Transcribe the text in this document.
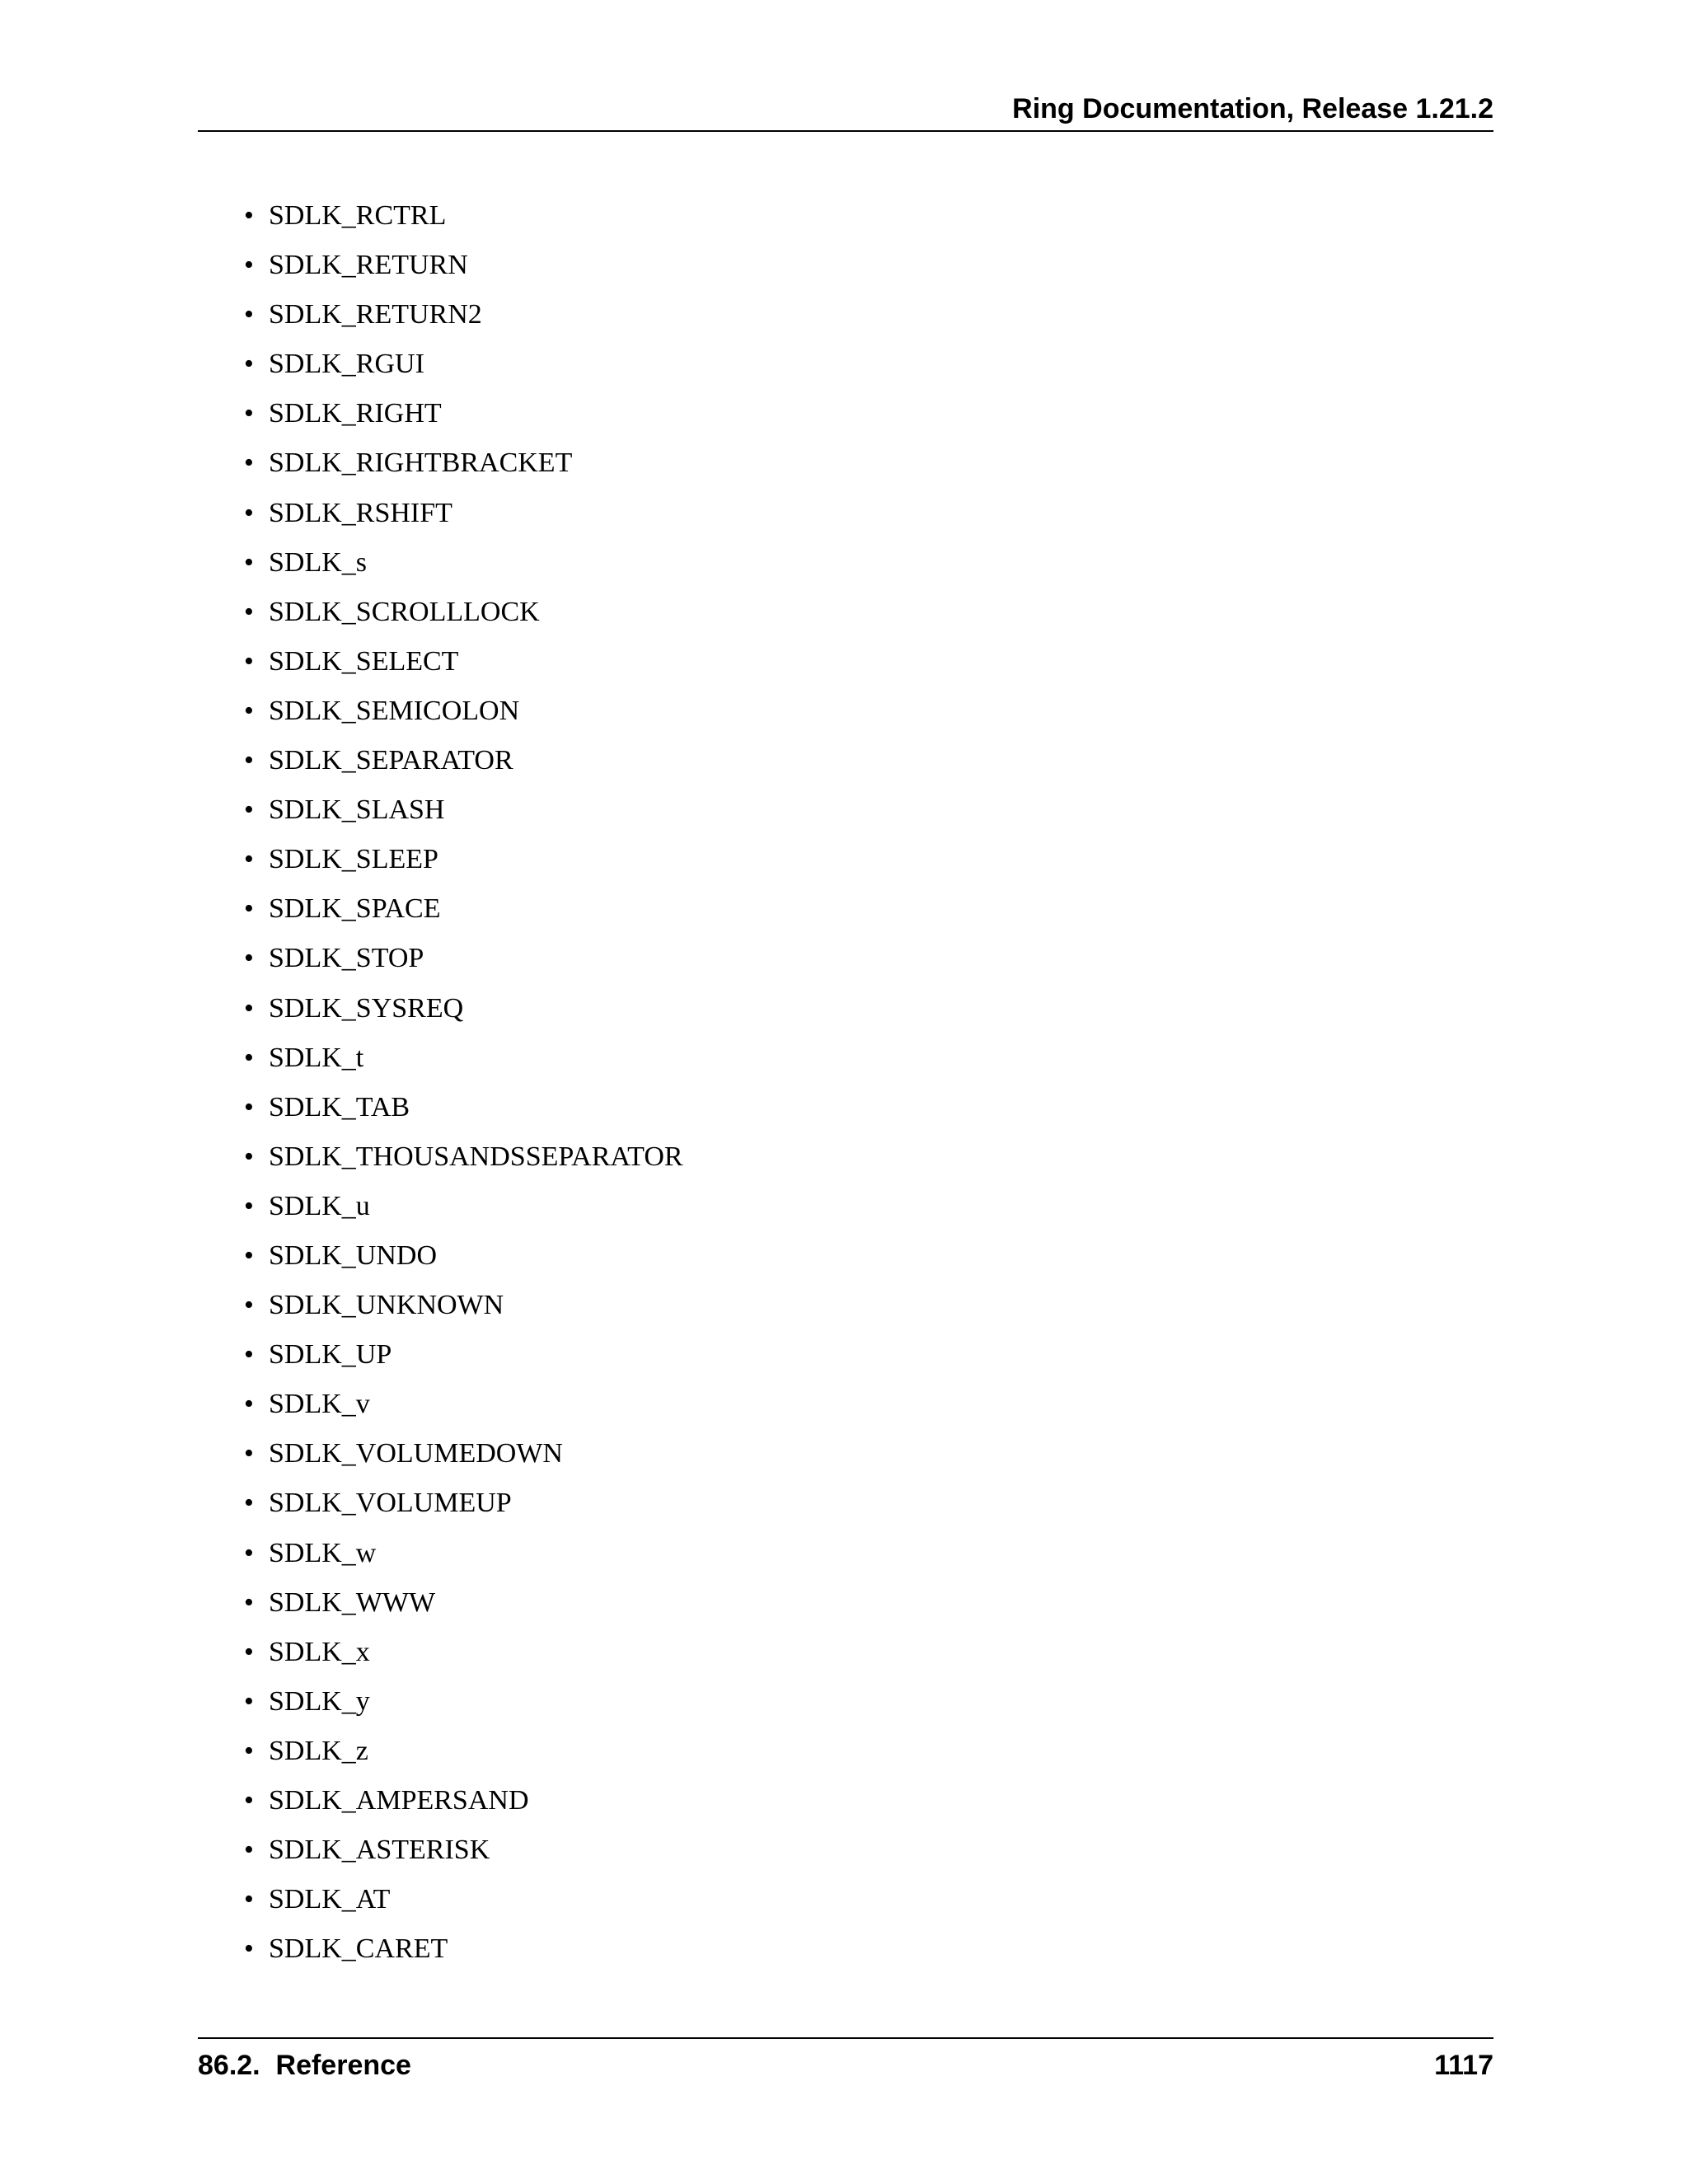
Ring Documentation, Release 1.21.2
• SDLK_RCTRL
• SDLK_RETURN
• SDLK_RETURN2
• SDLK_RGUI
• SDLK_RIGHT
• SDLK_RIGHTBRACKET
• SDLK_RSHIFT
• SDLK_s
• SDLK_SCROLLLOCK
• SDLK_SELECT
• SDLK_SEMICOLON
• SDLK_SEPARATOR
• SDLK_SLASH
• SDLK_SLEEP
• SDLK_SPACE
• SDLK_STOP
• SDLK_SYSREQ
• SDLK_t
• SDLK_TAB
• SDLK_THOUSANDSSEPARATOR
• SDLK_u
• SDLK_UNDO
• SDLK_UNKNOWN
• SDLK_UP
• SDLK_v
• SDLK_VOLUMEDOWN
• SDLK_VOLUMEUP
• SDLK_w
• SDLK_WWW
• SDLK_x
• SDLK_y
• SDLK_z
• SDLK_AMPERSAND
• SDLK_ASTERISK
• SDLK_AT
• SDLK_CARET
86.2.  Reference	1117
